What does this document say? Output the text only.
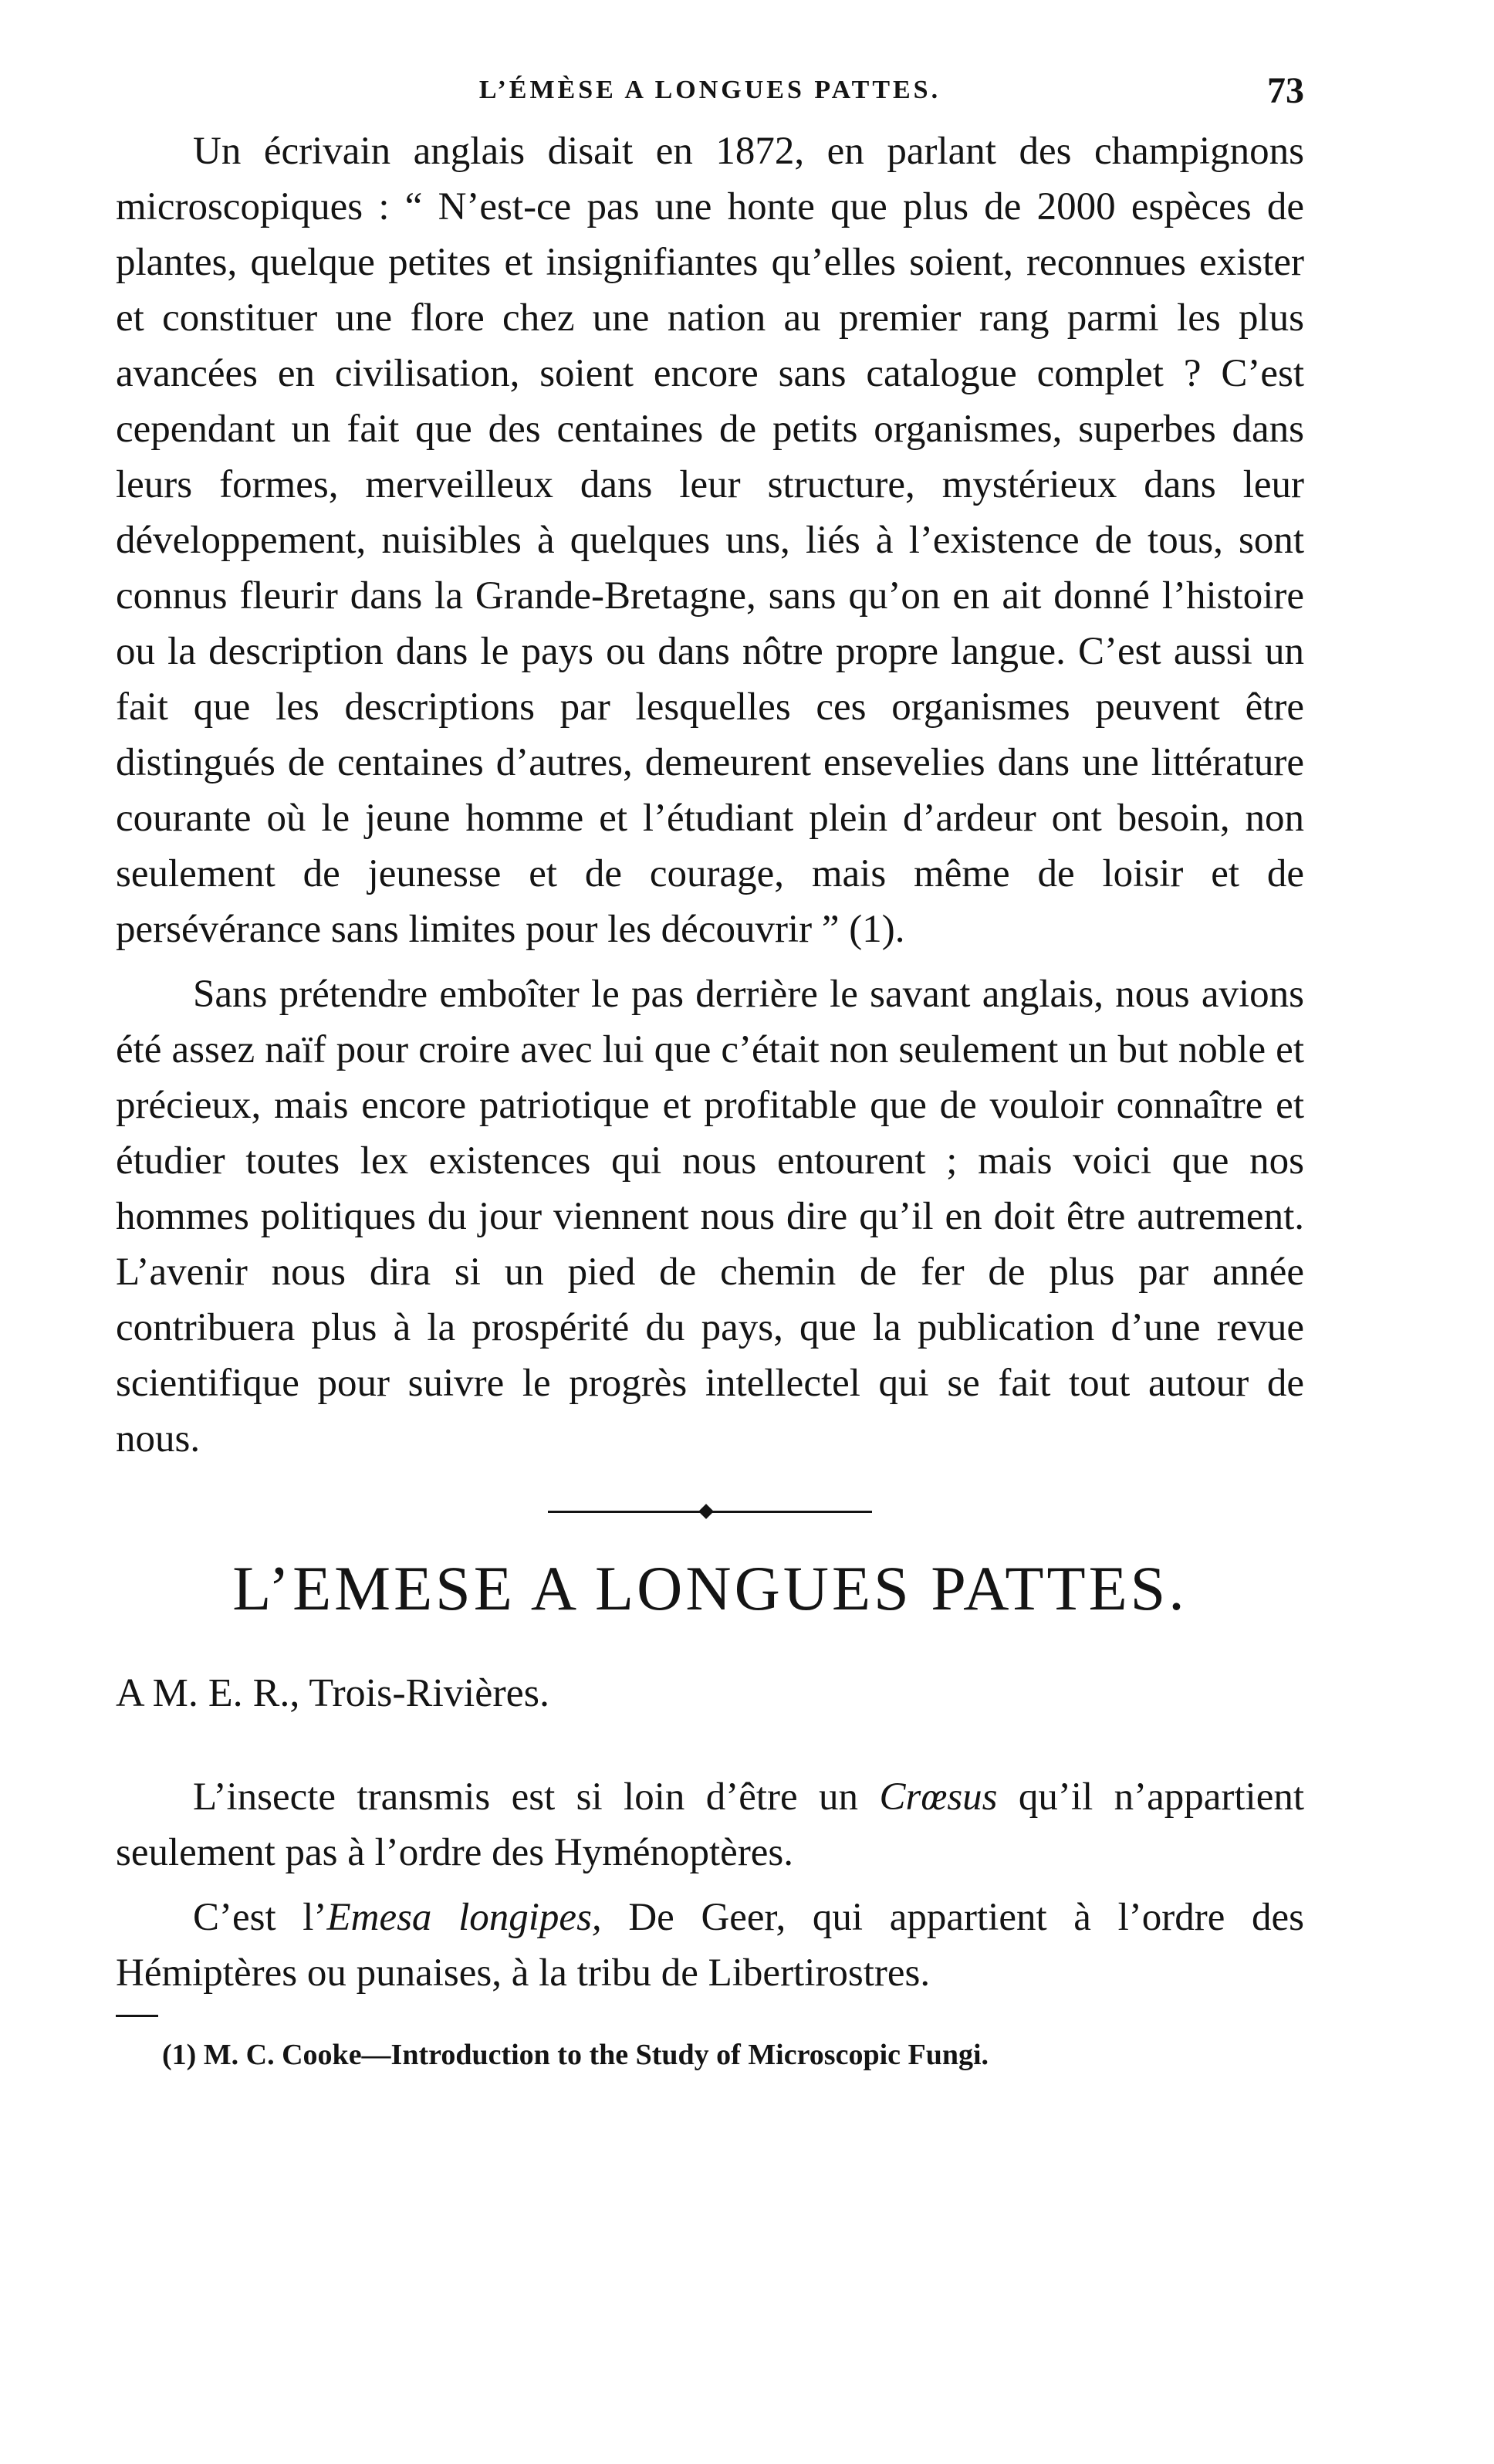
L’ÉMÈSE A LONGUES PATTES.	73

Un écrivain anglais disait en 1872, en parlant des champignons microscopiques : “ N’est-ce pas une honte que plus de 2000 espèces de plantes, quelque petites et insignifiantes qu’elles soient, reconnues exister et constituer une flore chez une nation au premier rang parmi les plus avancées en civilisation, soient encore sans catalogue complet ? C’est cependant un fait que des centaines de petits organismes, superbes dans leurs formes, merveilleux dans leur structure, mystérieux dans leur développement, nuisibles à quelques uns, liés à l’existence de tous, sont connus fleurir dans la Grande-Bretagne, sans qu’on en ait donné l’histoire ou la description dans le pays ou dans nôtre propre langue. C’est aussi un fait que les descriptions par lesquelles ces organismes peuvent être distingués de centaines d’autres, demeurent ensevelies dans une littérature courante où le jeune homme et l’étudiant plein d’ardeur ont besoin, non seulement de jeunesse et de courage, mais même de loisir et de persévérance sans limites pour les découvrir ” (1).

Sans prétendre emboîter le pas derrière le savant anglais, nous avions été assez naïf pour croire avec lui que c’était non seulement un but noble et précieux, mais encore patriotique et profitable que de vouloir connaître et étudier toutes lex existences qui nous entourent ; mais voici que nos hommes politiques du jour viennent nous dire qu’il en doit être autrement. L’avenir nous dira si un pied de chemin de fer de plus par année contribuera plus à la prospérité du pays, que la publication d’une revue scientifique pour suivre le progrès intellectel qui se fait tout autour de nous.

L’EMESE A LONGUES PATTES.

A M. E. R., Trois-Rivières.

L’insecte transmis est si loin d’être un Crœsus qu’il n’appartient seulement pas à l’ordre des Hyménoptères.

C’est l’Emesa longipes, De Geer, qui appartient à l’ordre des Hémiptères ou punaises, à la tribu de Libertirostres.

(1) M. C. Cooke—Introduction to the Study of Microscopic Fungi.
